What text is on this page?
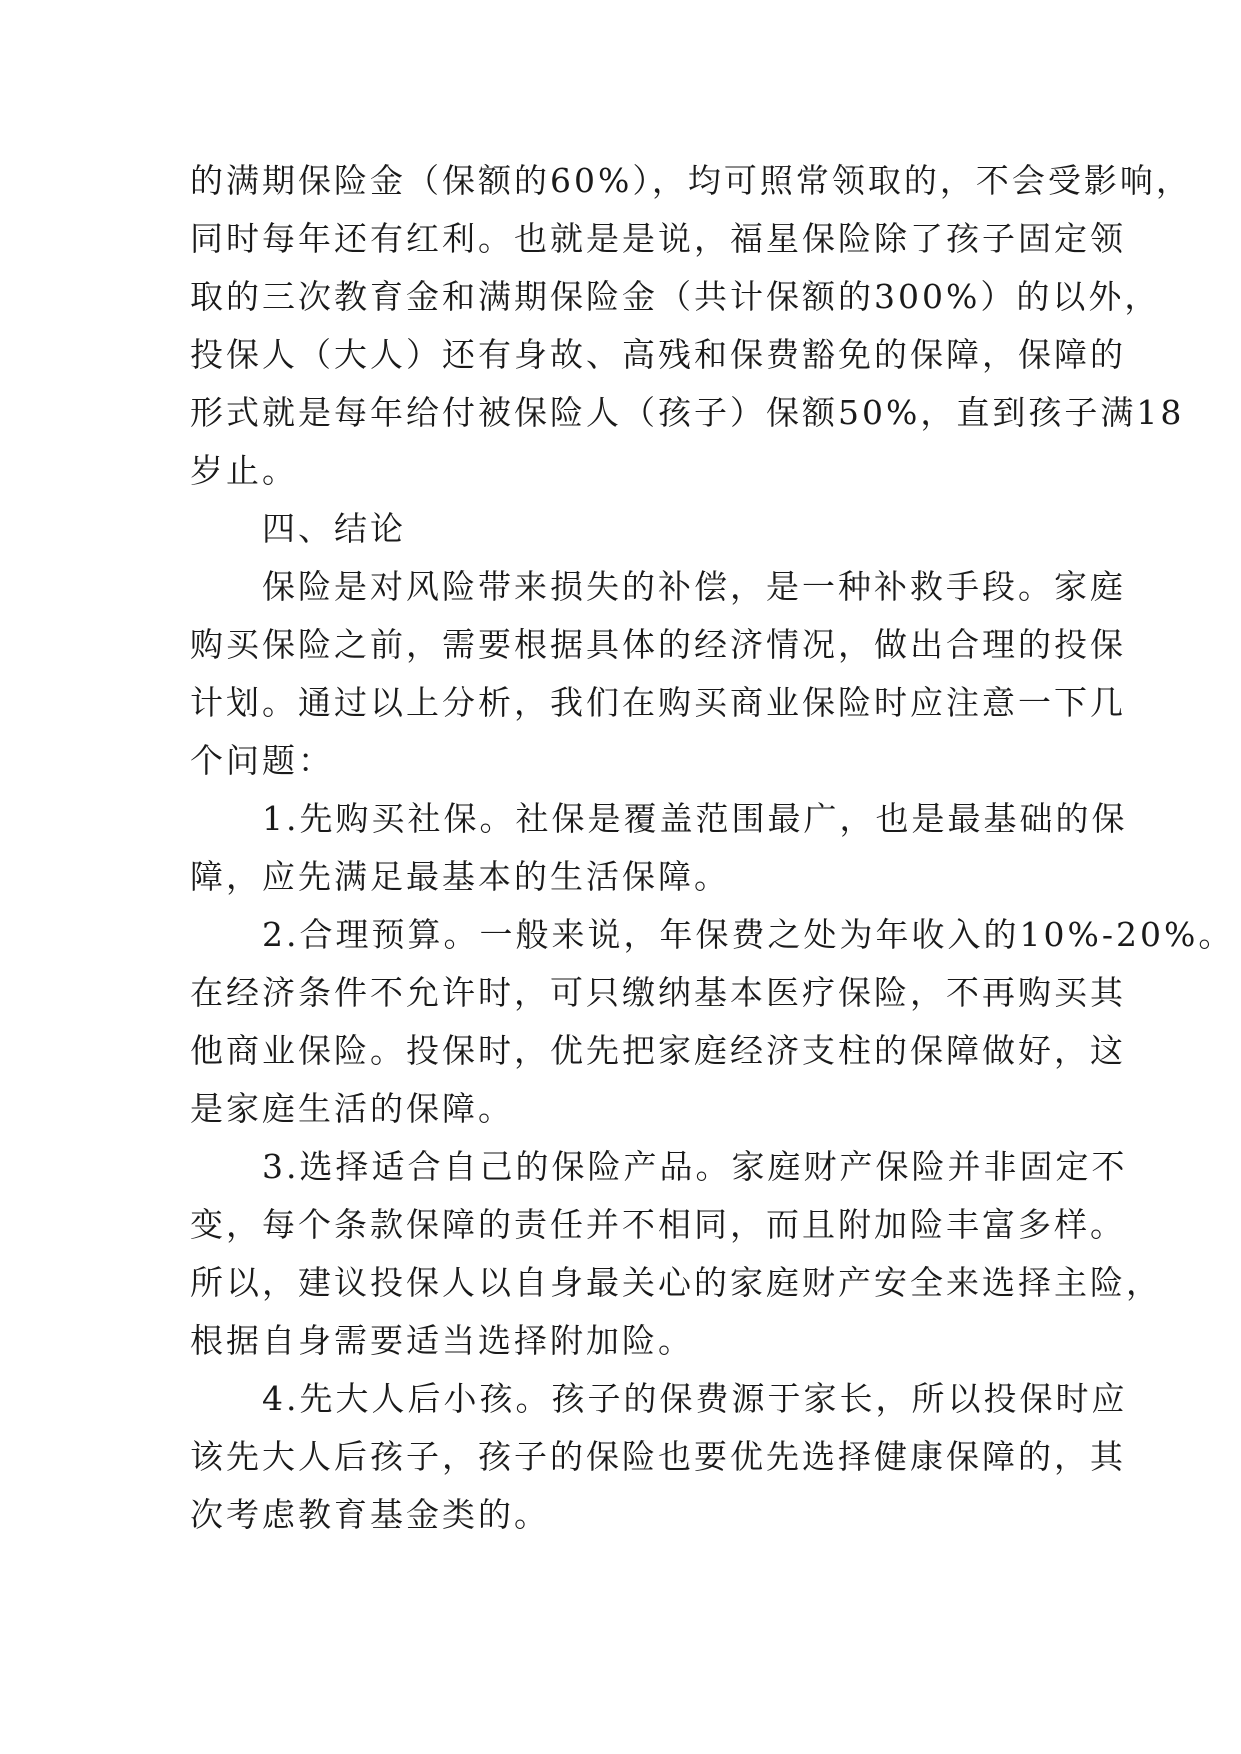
的满期保险金（保额的60%），均可照常领取的，不会受影响，
同时每年还有红利。也就是是说，福星保险除了孩子固定领
取的三次教育金和满期保险金（共计保额的300%）的以外，
投保人（大人）还有身故、高残和保费豁免的保障，保障的
形式就是每年给付被保险人（孩子）保额50%，直到孩子满18
岁止。
　　四、结论
　　保险是对风险带来损失的补偿，是一种补救手段。家庭
购买保险之前，需要根据具体的经济情况，做出合理的投保
计划。通过以上分析，我们在购买商业保险时应注意一下几
个问题：
　　1.先购买社保。社保是覆盖范围最广，也是最基础的保
障，应先满足最基本的生活保障。
　　2.合理预算。一般来说，年保费之处为年收入的10%-20%。
在经济条件不允许时，可只缴纳基本医疗保险，不再购买其
他商业保险。投保时，优先把家庭经济支柱的保障做好，这
是家庭生活的保障。
　　3.选择适合自己的保险产品。家庭财产保险并非固定不
变，每个条款保障的责任并不相同，而且附加险丰富多样。
所以，建议投保人以自身最关心的家庭财产安全来选择主险，
根据自身需要适当选择附加险。
　　4.先大人后小孩。孩子的保费源于家长，所以投保时应
该先大人后孩子，孩子的保险也要优先选择健康保障的，其
次考虑教育基金类的。
